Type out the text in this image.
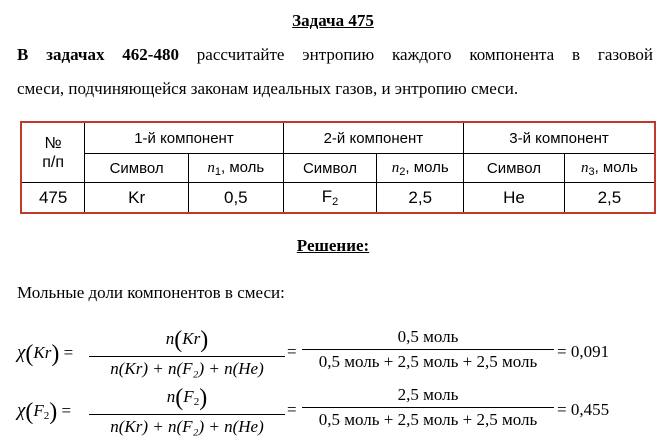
Задача 475
В задачах 462-480 рассчитайте энтропию каждого компонента в газовой
смеси, подчиняющейся законам идеальных газов, и энтропию смеси.
№
п/п	1-й компонент		2-й компонент		3-й компонент	
	Символ	$n_1$, моль	Символ	$n_2$, моль	Символ	$n_3$, моль
475	Kr	0,5	$F_2$	2,5	He	2,5
Решение:
Мольные доли компонентов в смеси:
$\chi(Kr) = \frac{n(Kr)}{\text{n(Kr) + n(F₂) + n(He)}}$ =
0,5 моль
0,5 моль + 2,5 моль + 2,5 моль
= 0,091
$\chi(F_2) = \frac{n(F_2)}{\text{n(Kr) + n(F₂) + n(He)}}$ =
2,5 моль
0,5 моль + 2,5 моль + 2,5 моль
= 0,455
